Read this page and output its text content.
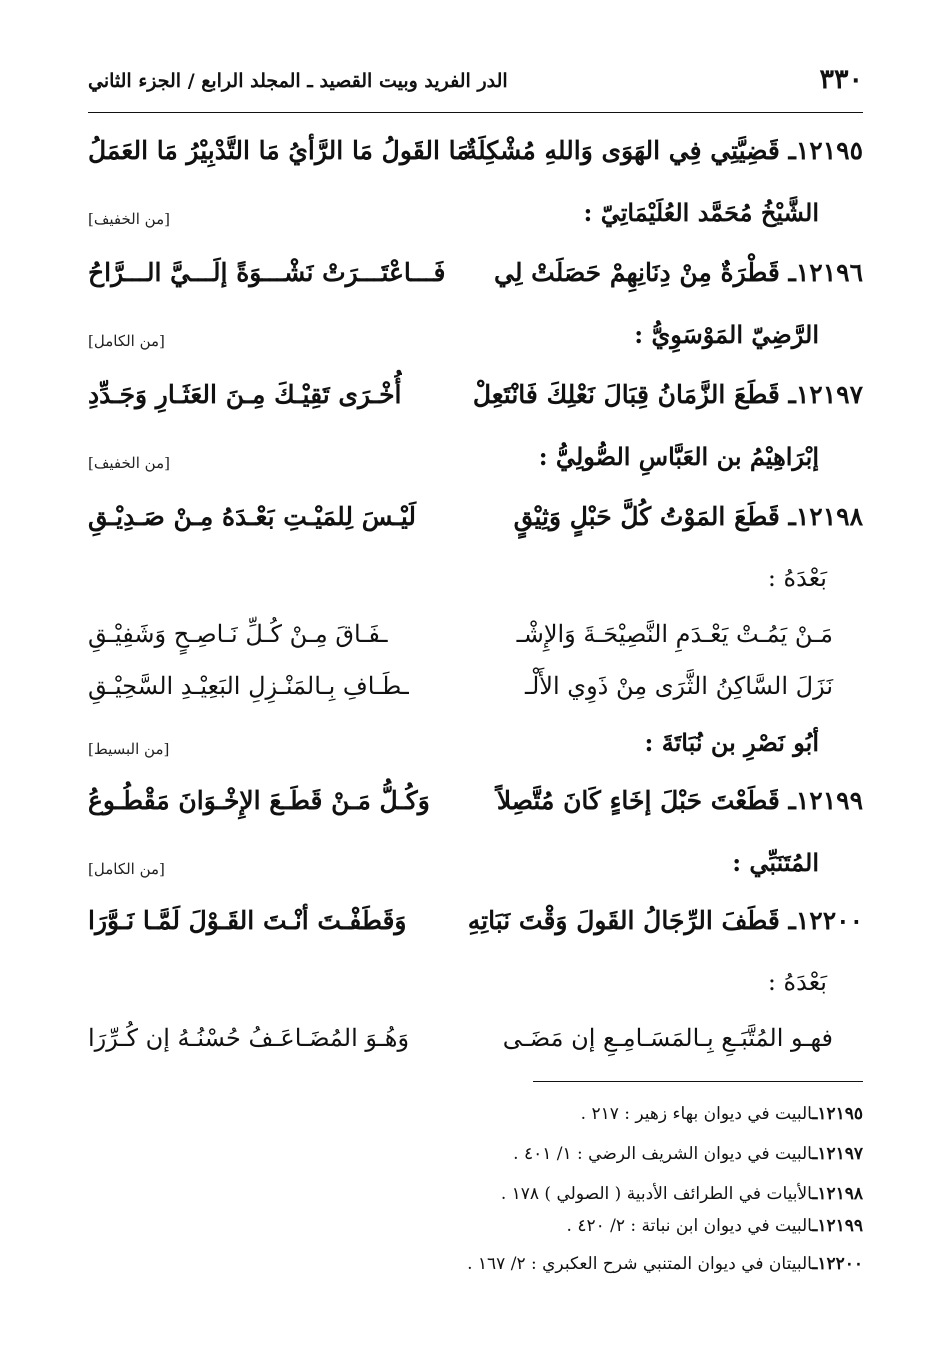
٣٣٠
الدر الفريد وبيت القصيد ـ المجلد الرابع / الجزء الثاني
١٢١٩٥ـ قَضِيَّتِي فِي الهَوَى وَاللهِ مُشْكِلَةٌ
مَا القَولُ مَا الرَّأيُ مَا التَّدْبِيْرُ مَا العَمَلُ
الشَّيْخُ مُحَمَّد العُلَيْمَاتِيّ :
[من الخفيف]
١٢١٩٦ـ قَطْرَةٌ مِنْ دِنَانِهِمْ حَصَلَتْ لِي
فَـــاعْتَـــرَتْ نَشْـــوَةً إلَـــيَّ الـــرَّاحُ
الرَّضِيّ المَوْسَوِيُّ :
[من الكامل]
١٢١٩٧ـ قَطَعَ الزَّمَانُ قِبَالَ نَعْلِكَ فَانْتَعِلْ
أُخْـرَى تَقِيْـكَ مِـنَ العَثَـارِ وَجَـدِّدِ
إبْرَاهِيْمُ بن العَبَّاسِ الصُّولِيُّ :
[من الخفيف]
١٢١٩٨ـ قَطَعَ المَوْتُ كُلَّ حَبْلٍ وَثِيْقٍ
لَيْـسَ لِلمَيْـتِ بَعْـدَهُ مِـنْ صَـدِيْـقِ
بَعْدَهُ :
مَـنْ يَمُـتْ يَعْـدَمِ النَّصِيْحَـةَ وَالإِشْـ
ـفَـاقَ مِـنْ كُـلِّ نَـاصِـحٍ وَشَفِيْـقِ
نَزَلَ السَّاكِنُ الثَّرَى مِنْ ذَوِي الأَلْـ
ـطَـافِ بِـالمَنْـزِلِ البَعِيْـدِ السَّحِيْـقِ
أبُو نَصْرِ بن نُبَاتَةَ :
[من البسيط]
١٢١٩٩ـ قَطَعْتَ حَبْلَ إخَاءٍ كَانَ مُتَّصِلاً
وَكُـلُّ مَـنْ قَطَـعَ الإِخْـوَانَ مَقْطُـوعُ
المُتَنَبِّي :
[من الكامل]
١٢٢٠٠ـ قَطَفَ الرِّجَالُ القَولَ وَقْتَ نَبَاتِهِ
وَقَطَفْـتَ أنْـتَ القَـوْلَ لَمَّـا نَـوَّرَا
بَعْدَهُ :
فهـو المُتَّبَـعِ بِـالمَسَـامِـعِ إن مَضَـى
وَهُـوَ المُضَـاعَـفُ حُسْنُـهُ إن كُـرِّرَا
١٢١٩٥ـالبيت في ديوان بهاء زهير : ٢١٧ .
١٢١٩٧ـالبيت في ديوان الشريف الرضي : ١/ ٤٠١ .
١٢١٩٨ـالأبيات في الطرائف الأدبية ( الصولي ) ١٧٨ .
١٢١٩٩ـالبيت في ديوان ابن نباتة : ٢/ ٤٢٠ .
١٢٢٠٠ـالبيتان في ديوان المتنبي شرح العكبري : ٢/ ١٦٧ .
